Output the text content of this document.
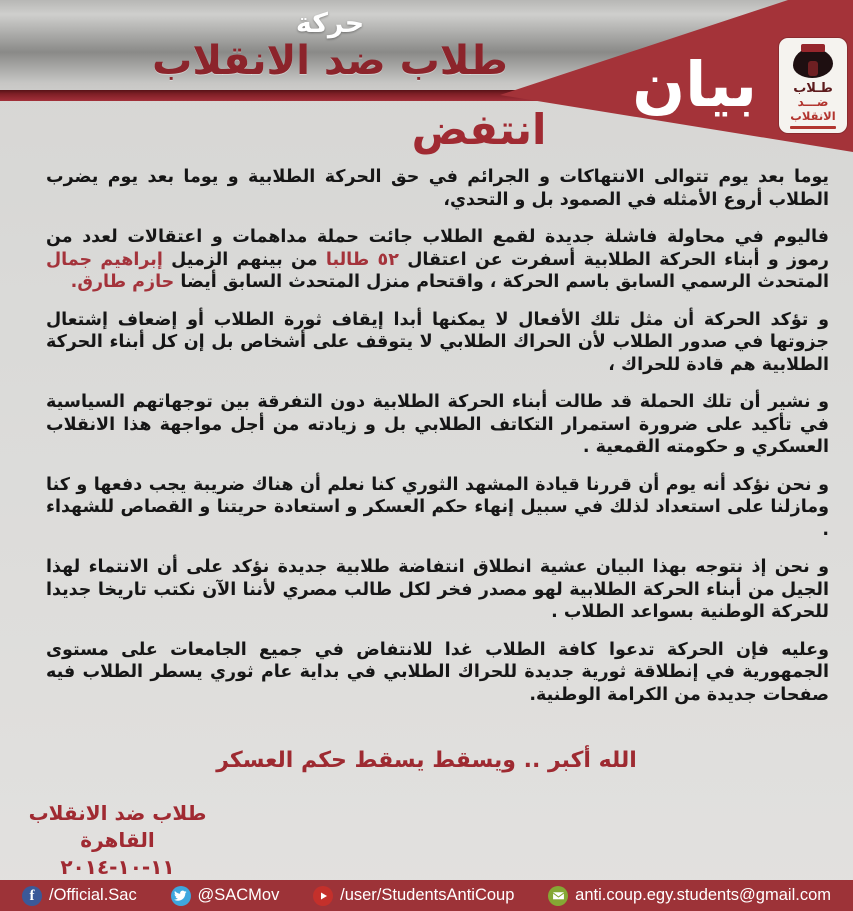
حركة
طلاب ضد الانقلاب	بيان	طـلاب
ضـــد
الانقلاب
انتفض

يوما بعد يوم تتوالى الانتهاكات و الجرائم في حق الحركة الطلابية و يوما بعد يوم يضرب الطلاب أروع الأمثله في الصمود بل و التحدي،

فاليوم في محاولة فاشلة جديدة لقمع الطلاب جائت حملة مداهمات و اعتقالات لعدد من رموز و أبناء الحركة الطلابية أسفرت عن اعتقال ٥٢ طالبا من بينهم الزميل إبراهيم جمال المتحدث الرسمي السابق باسم الحركة ، واقتحام منزل المتحدث السابق أيضا حازم طارق.

و تؤكد الحركة أن مثل تلك الأفعال لا يمكنها أبدا إيقاف ثورة الطلاب أو إضعاف إشتعال جزوتها في صدور الطلاب لأن الحراك الطلابي لا يتوقف على أشخاص بل إن كل أبناء الحركة الطلابية هم قادة للحراك ،

و نشير أن تلك الحملة قد طالت أبناء الحركة الطلابية دون التفرقة بين توجهاتهم السياسية في تأكيد على ضرورة استمرار التكاتف الطلابي بل و زيادته من أجل مواجهة هذا الانقلاب العسكري و حكومته القمعية .

و نحن نؤكد أنه يوم أن قررنا قيادة المشهد الثوري كنا نعلم أن هناك ضريبة يجب دفعها و كنا ومازلنا على استعداد لذلك في سبيل إنهاء حكم العسكر و استعادة حريتنا و القصاص للشهداء .

و نحن إذ نتوجه بهذا البيان عشية انطلاق انتفاضة طلابية جديدة نؤكد على أن الانتماء لهذا الجيل من أبناء الحركة الطلابية لهو مصدر فخر لكل طالب مصري لأننا الآن نكتب تاريخا جديدا للحركة الوطنية بسواعد الطلاب .

وعليه فإن الحركة تدعوا كافة الطلاب غدا للانتفاض في جميع الجامعات على مستوى الجمهورية في إنطلاقة ثورية جديدة للحراك الطلابي في بداية عام ثوري يسطر الطلاب فيه صفحات جديدة من الكرامة الوطنية.

الله أكبر .. ويسقط يسقط حكم العسكر
طلاب ضد الانقلاب
القاهرة
١١-١٠-٢٠١٤
f /Official.Sac	@SACMov	/user/StudentsAntiCoup	anti.coup.egy.students@gmail.com
